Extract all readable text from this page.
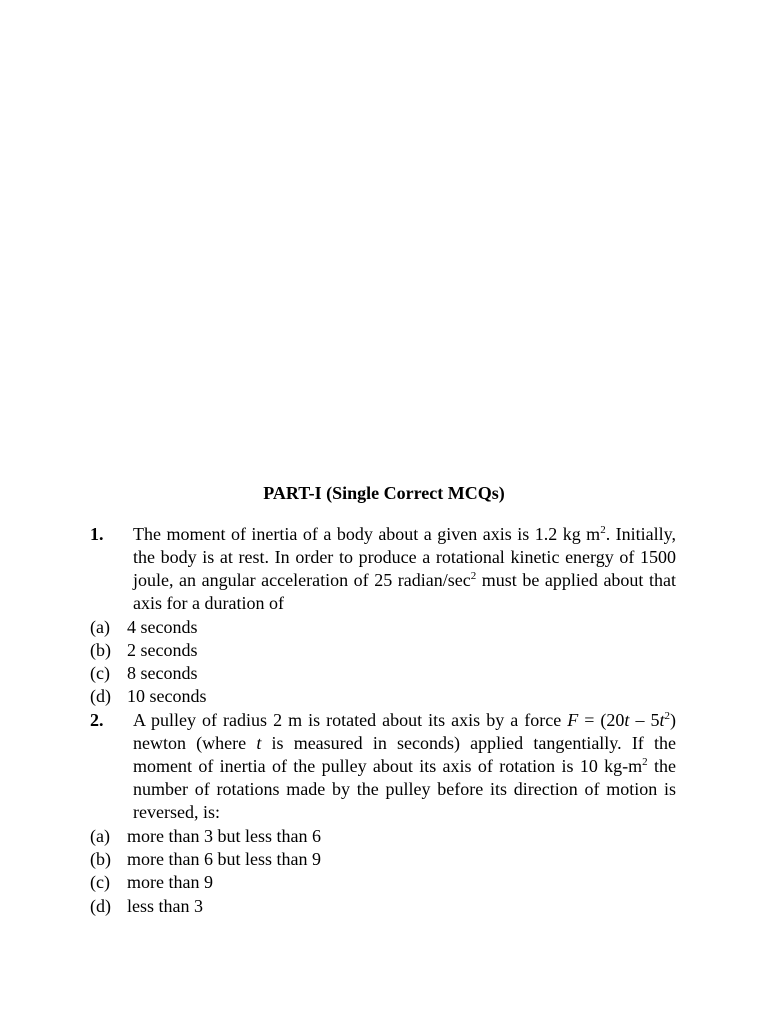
PART-I (Single Correct MCQs)
1. The moment of inertia of a body about a given axis is 1.2 kg $m^2$. Initially, the body is at rest. In order to produce a rotational kinetic energy of 1500 joule, an angular acceleration of 25 radian/$\sec^2$ must be applied about that axis for a duration of
(a) 4 seconds
(b) 2 seconds
(c) 8 seconds
(d) 10 seconds
2. A pulley of radius 2 m is rotated about its axis by a force $F = (20t - 5t^2)$ newton (where t is measured in seconds) applied tangentially. If the moment of inertia of the pulley about its axis of rotation is 10 $kg-m^2$ the number of rotations made by the pulley before its direction of motion is reversed, is:
(a) more than 3 but less than 6
(b) more than 6 but less than 9
(c) more than 9
(d) less than 3
